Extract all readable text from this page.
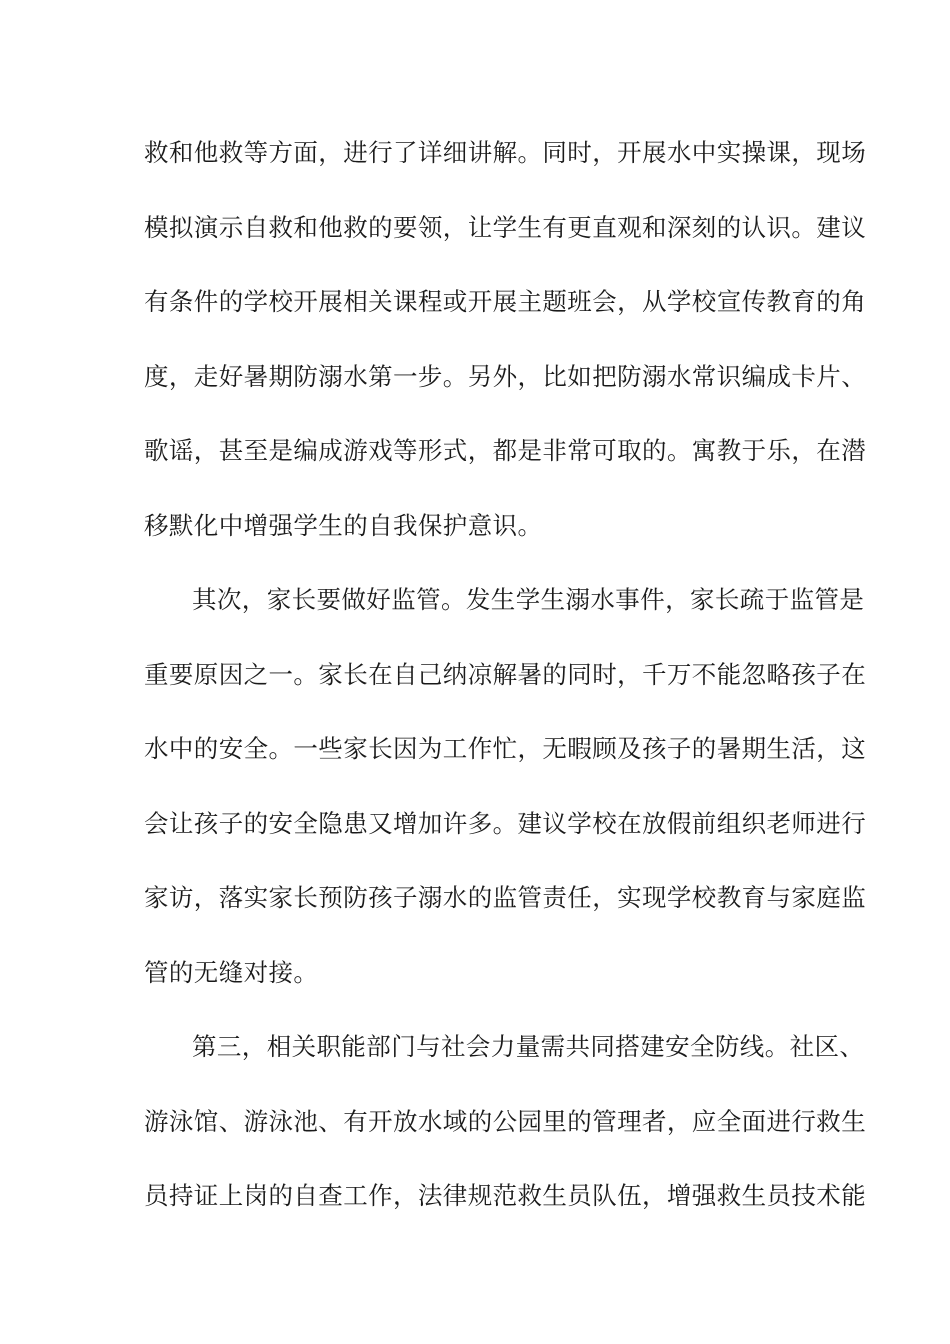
救和他救等方面，进行了详细讲解。同时，开展水中实操课，现场
模拟演示自救和他救的要领，让学生有更直观和深刻的认识。建议
有条件的学校开展相关课程或开展主题班会，从学校宣传教育的角
度，走好暑期防溺水第一步。另外，比如把防溺水常识编成卡片、
歌谣，甚至是编成游戏等形式，都是非常可取的。寓教于乐，在潜
移默化中增强学生的自我保护意识。
其次，家长要做好监管。发生学生溺水事件，家长疏于监管是
重要原因之一。家长在自己纳凉解暑的同时，千万不能忽略孩子在
水中的安全。一些家长因为工作忙，无暇顾及孩子的暑期生活，这
会让孩子的安全隐患又增加许多。建议学校在放假前组织老师进行
家访，落实家长预防孩子溺水的监管责任，实现学校教育与家庭监
管的无缝对接。
第三，相关职能部门与社会力量需共同搭建安全防线。社区、
游泳馆、游泳池、有开放水域的公园里的管理者，应全面进行救生
员持证上岗的自查工作，法律规范救生员队伍，增强救生员技术能
